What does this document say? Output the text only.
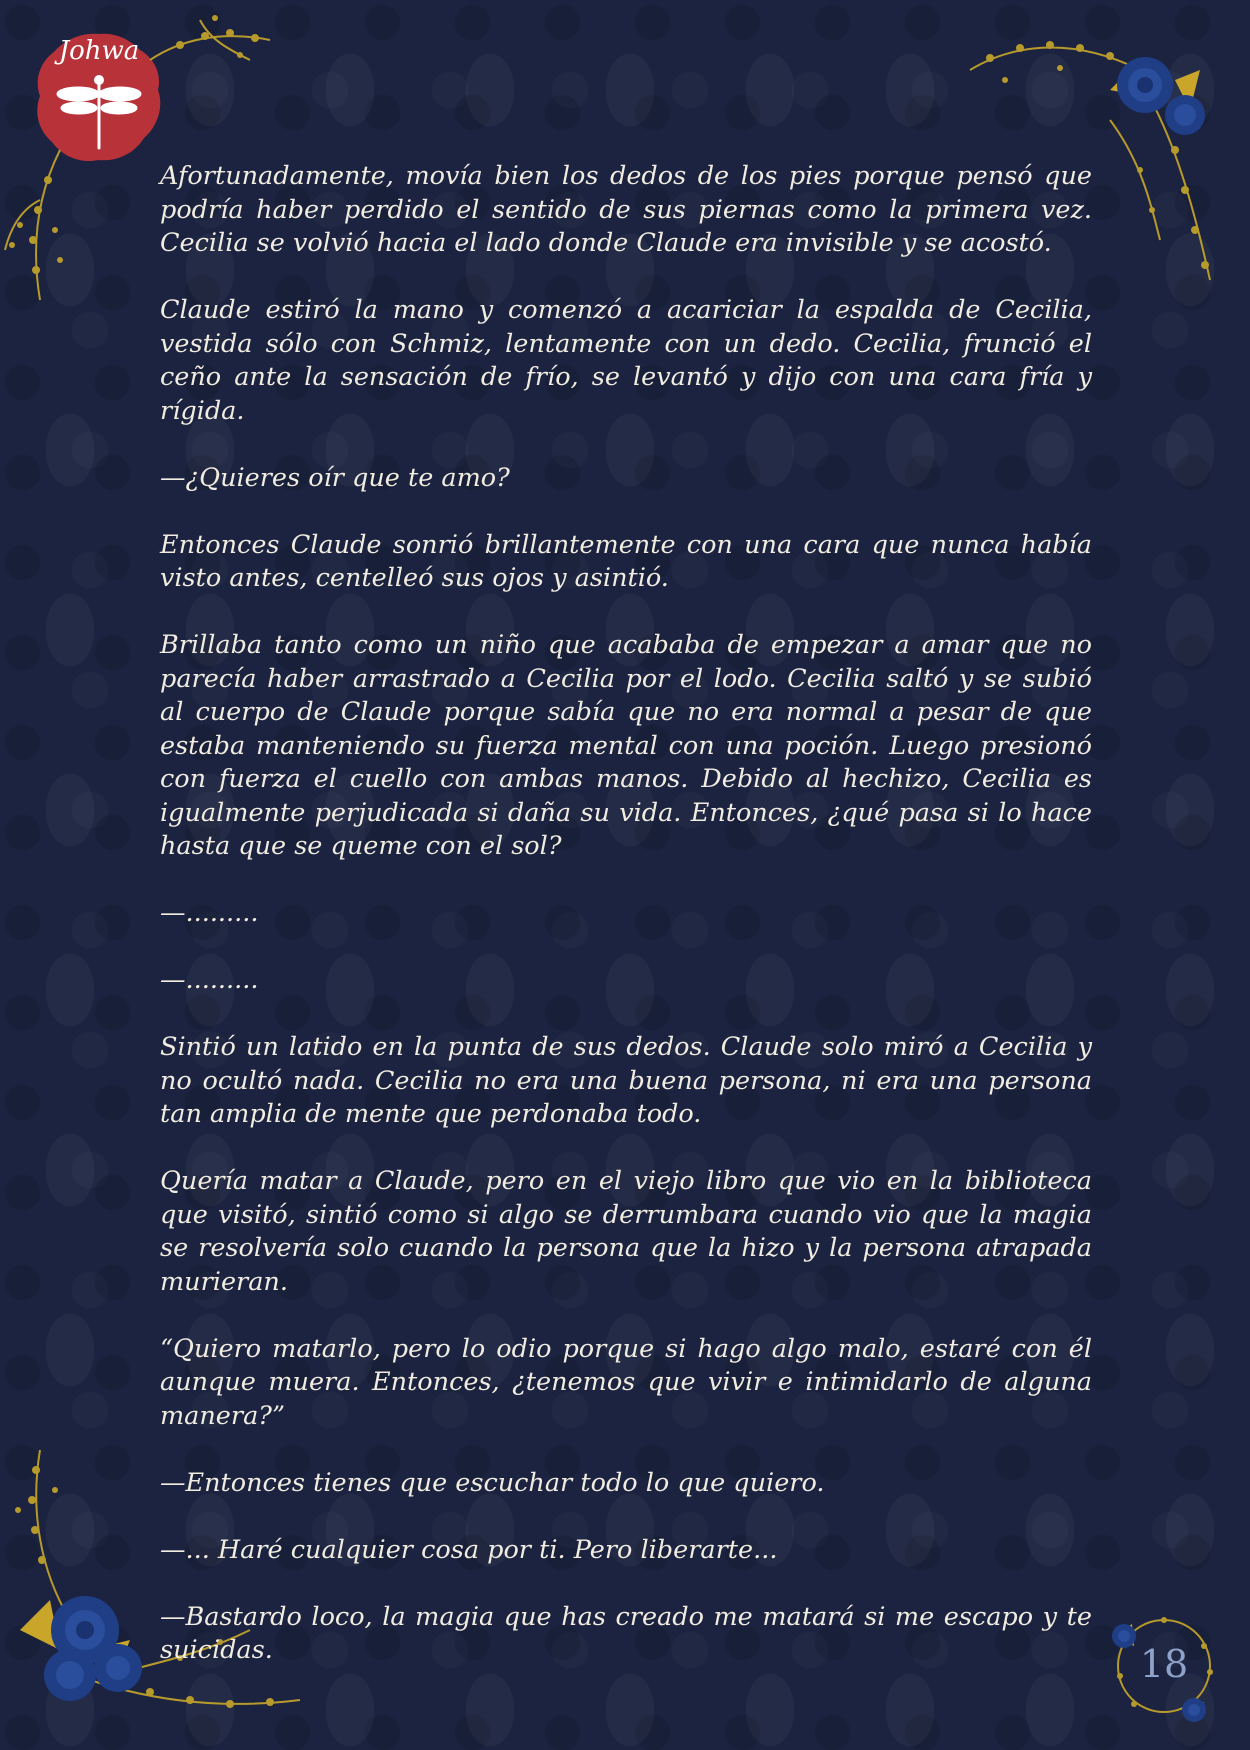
Johwa
18

Afortunadamente, movía bien los dedos de los pies porque pensó que podría haber perdido el sentido de sus piernas como la primera vez. Cecilia se volvió hacia el lado donde Claude era invisible y se acostó.

Claude estiró la mano y comenzó a acariciar la espalda de Cecilia, vestida sólo con Schmiz, lentamente con un dedo. Cecilia, frunció el ceño ante la sensación de frío, se levantó y dijo con una cara fría y rígida.

—¿Quieres oír que te amo?

Entonces Claude sonrió brillantemente con una cara que nunca había visto antes, centelleó sus ojos y asintió.

Brillaba tanto como un niño que acababa de empezar a amar que no parecía haber arrastrado a Cecilia por el lodo. Cecilia saltó y se subió al cuerpo de Claude porque sabía que no era normal a pesar de que estaba manteniendo su fuerza mental con una poción. Luego presionó con fuerza el cuello con ambas manos. Debido al hechizo, Cecilia es igualmente perjudicada si daña su vida. Entonces, ¿qué pasa si lo hace hasta que se queme con el sol?

—.........

—.........

Sintió un latido en la punta de sus dedos. Claude solo miró a Cecilia y no ocultó nada. Cecilia no era una buena persona, ni era una persona tan amplia de mente que perdonaba todo.

Quería matar a Claude, pero en el viejo libro que vio en la biblioteca que visitó, sintió como si algo se derrumbara cuando vio que la magia se resolvería solo cuando la persona que la hizo y la persona atrapada murieran.

“Quiero matarlo, pero lo odio porque si hago algo malo, estaré con él aunque muera. Entonces, ¿tenemos que vivir e intimidarlo de alguna manera?”

—Entonces tienes que escuchar todo lo que quiero.

—... Haré cualquier cosa por ti. Pero liberarte...

—Bastardo loco, la magia que has creado me matará si me escapo y te suicidas.
